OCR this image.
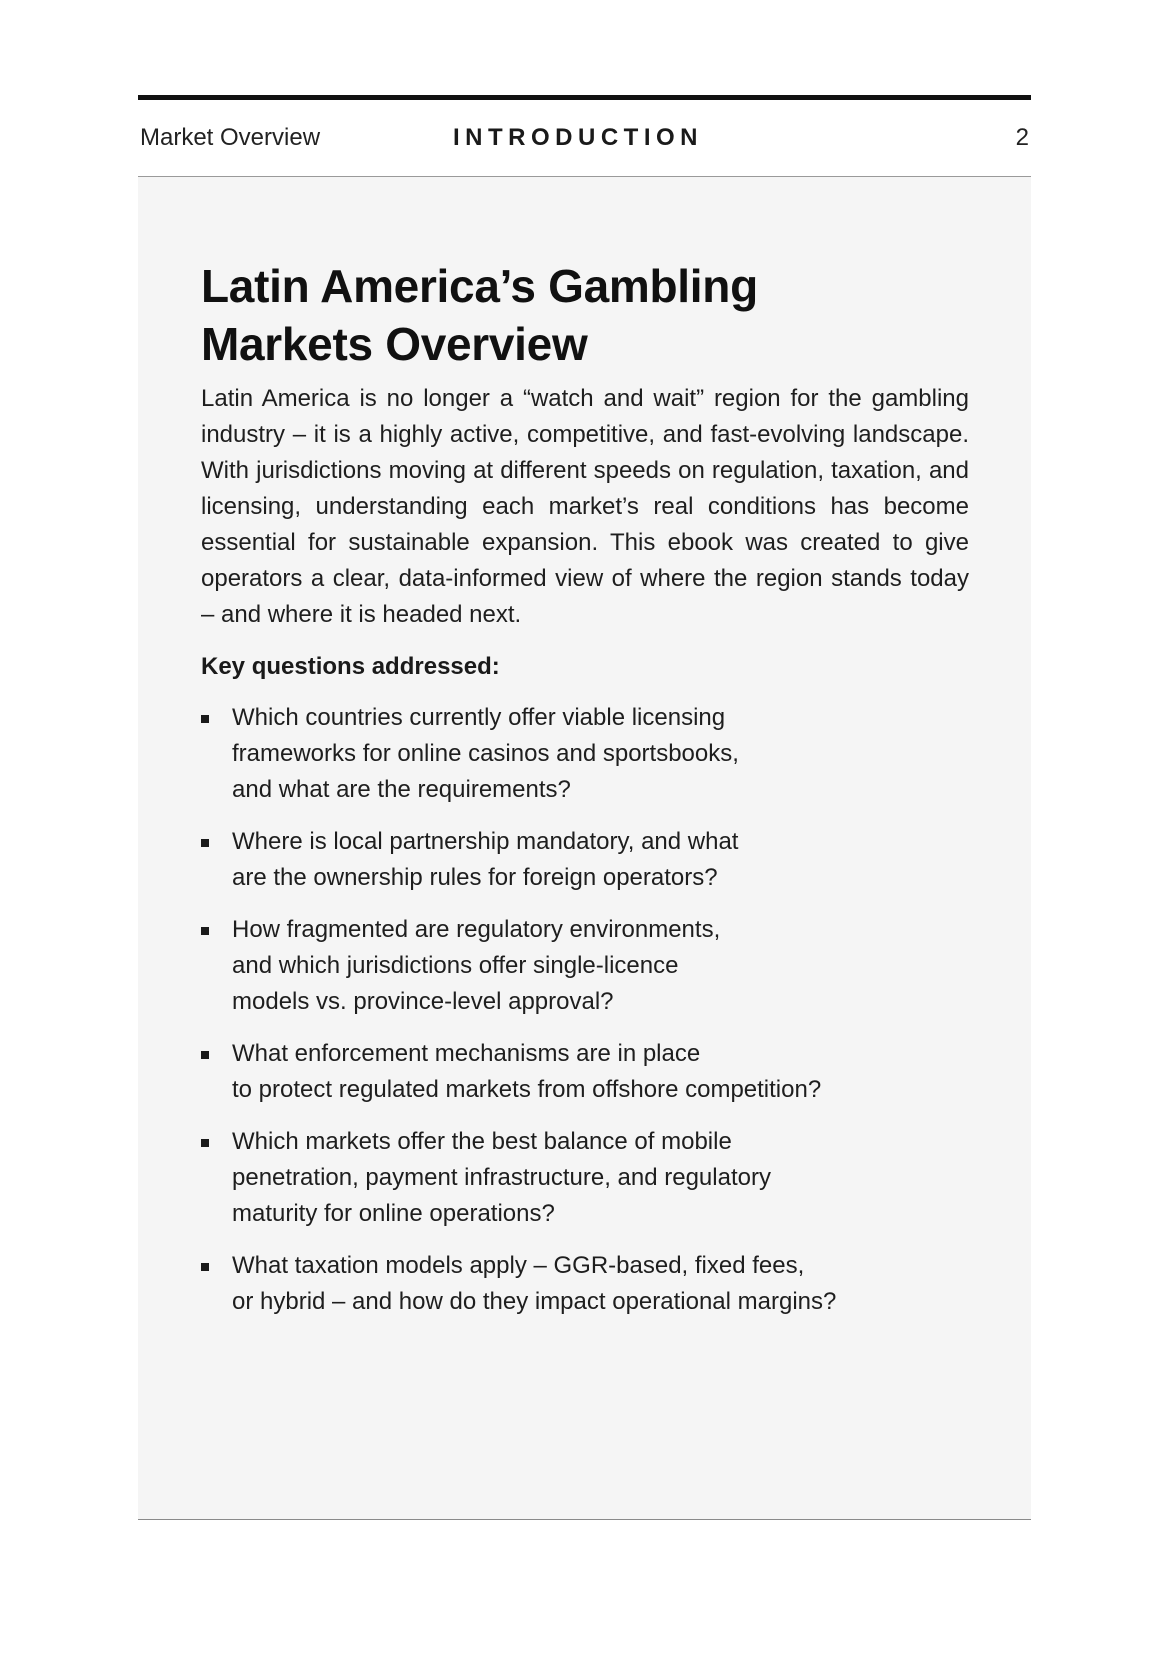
Market Overview	INTRODUCTION	2
Latin America’s Gambling
Markets Overview

Latin America is no longer a “watch and wait” region for the gambling industry – it is a highly active, competitive, and fast-evolving landscape. With jurisdictions moving at different speeds on regulation, taxation, and licensing, understanding each market’s real conditions has become essential for sustainable expansion. This ebook was created to give operators a clear, data-informed view of where the region stands today – and where it is headed next.

Key questions addressed:

Which countries currently offer viable licensing
frameworks for online casinos and sportsbooks,
and what are the requirements?
Where is local partnership mandatory, and what
are the ownership rules for foreign operators?
How fragmented are regulatory environments,
and which jurisdictions offer single-licence
models vs. province-level approval?
What enforcement mechanisms are in place
to protect regulated markets from offshore competition?
Which markets offer the best balance of mobile
penetration, payment infrastructure, and regulatory
maturity for online operations?
What taxation models apply – GGR-based, fixed fees,
or hybrid – and how do they impact operational margins?
